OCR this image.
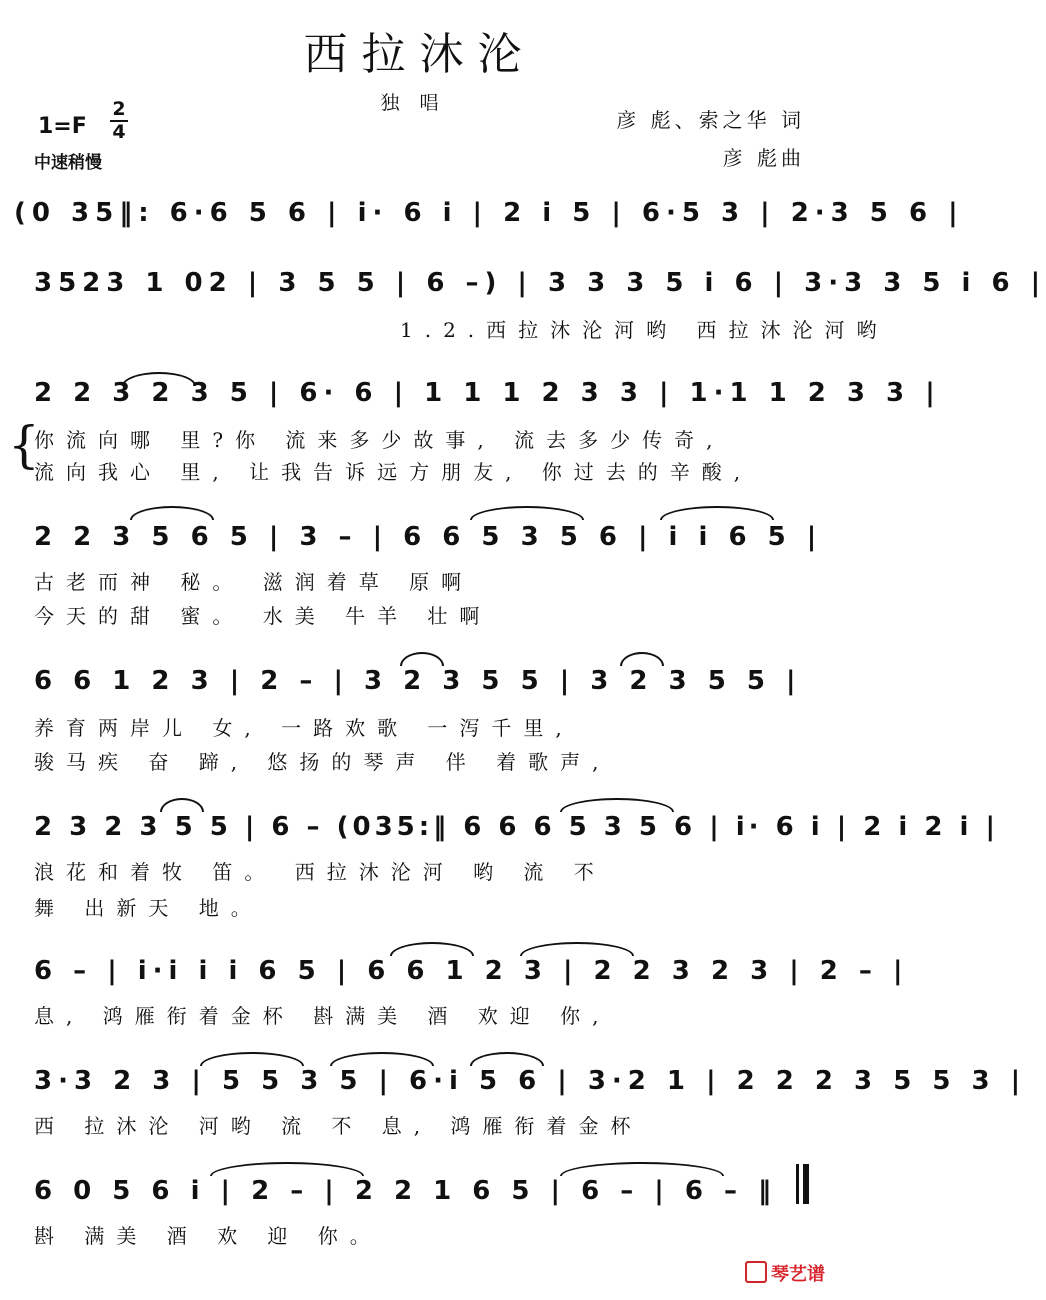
西拉沐沦
独唱
1=F
2
4
中速稍慢
彦 彪、索之华 词
彦 彪曲
(0 35‖: 6·6 5 6 | i· 6 i | 2 i 5 | 6·5 3 | 2·3 5 6 |
3523 1 02 | 3 5 5 | 6 –) | 3 3 3 5 i 6 | 3·3 3 5 i 6 |
1.2.西拉沐沦河哟 西拉沐沦河哟
2 2 3 2 3 5 | 6· 6 | 1 1 1 2 3 3 | 1·1 1 2 3 3 |
{
你流向哪 里?你 流来多少故事, 流去多少传奇,
流向我心 里, 让我告诉远方朋友, 你过去的辛酸,
2 2 3 5 6 5 | 3 – | 6 6 5 3 5 6 | i i 6 5 |
古老而神 秘。 滋润着草 原啊
今天的甜 蜜。 水美 牛羊 壮啊
6 6 1 2 3 | 2 – | 3 2 3 5 5 | 3 2 3 5 5 |
养育两岸儿 女, 一路欢歌 一泻千里,
骏马疾 奋 蹄, 悠扬的琴声 伴 着歌声,
2 3 2 3 5 5 | 6 – (035:‖ 6 6 6 5 3 5 6 | i· 6 i | 2 i 2 i |
浪花和着牧 笛。 西拉沐沦河 哟 流 不
舞 出新天 地。
6 – | i·i i i 6 5 | 6 6 1 2 3 | 2 2 3 2 3 | 2 – |
息, 鸿雁衔着金杯 斟满美 酒 欢迎 你,
3·3 2 3 | 5 5 3 5 | 6·i 5 6 | 3·2 1 | 2 2 2 3 5 5 3 |
西 拉沐沦 河哟 流 不 息, 鸿雁衔着金杯
6 0 5 6 i | 2 – | 2 2 1 6 5 | 6 – | 6 – ‖
斟 满美 酒 欢 迎 你。
琴艺谱
